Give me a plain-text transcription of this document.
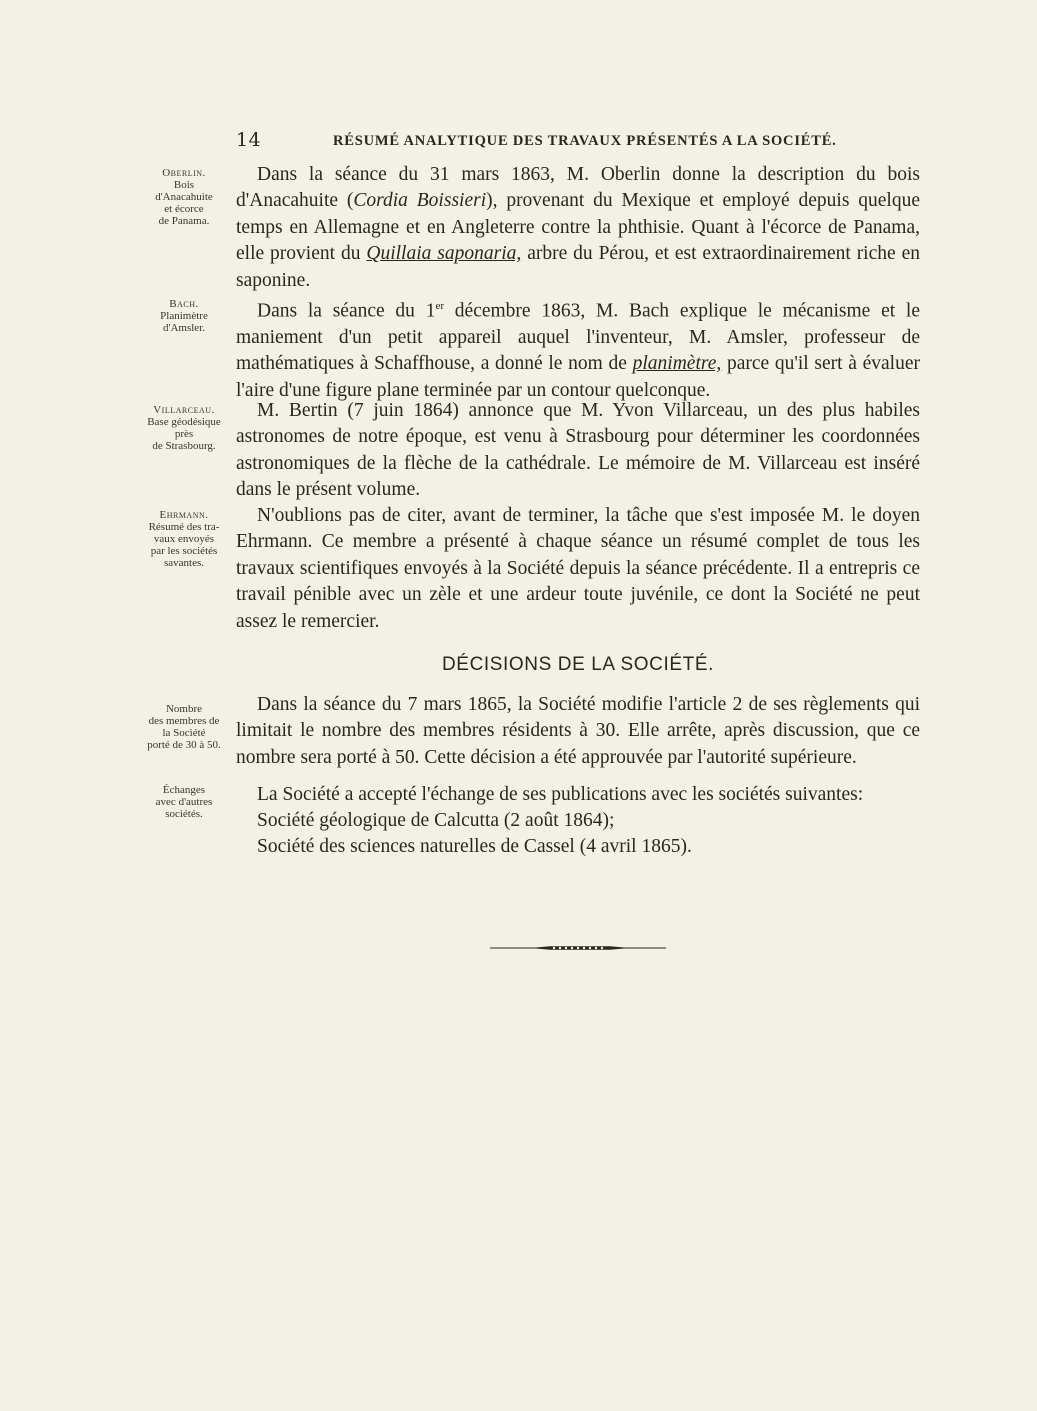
14	RÉSUMÉ ANALYTIQUE DES TRAVAUX PRÉSENTÉS A LA SOCIÉTÉ.
Oberlin.
Bois
d'Anacahuite
et écorce
de Panama.
Dans la séance du 31 mars 1863, M. Oberlin donne la description du bois d'Anacahuite (Cordia Boissieri), provenant du Mexique et employé depuis quelque temps en Allemagne et en Angleterre contre la phthisie. Quant à l'écorce de Panama, elle provient du Quillaia saponaria, arbre du Pérou, et est extraordinairement riche en saponine.
Bach.
Planimètre
d'Amsler.
Dans la séance du 1er décembre 1863, M. Bach explique le mécanisme et le maniement d'un petit appareil auquel l'inventeur, M. Amsler, professeur de mathématiques à Schaffhouse, a donné le nom de planimètre, parce qu'il sert à évaluer l'aire d'une figure plane terminée par un contour quelconque.
Villarceau.
Base géodésique
près
de Strasbourg.
M. Bertin (7 juin 1864) annonce que M. Yvon Villarceau, un des plus habiles astronomes de notre époque, est venu à Strasbourg pour déterminer les coordonnées astronomiques de la flèche de la cathédrale. Le mémoire de M. Villarceau est inséré dans le présent volume.
Ehrmann.
Résumé des tra-
vaux envoyés
par les sociétés
savantes.
N'oublions pas de citer, avant de terminer, la tâche que s'est imposée M. le doyen Ehrmann. Ce membre a présenté à chaque séance un résumé complet de tous les travaux scientifiques envoyés à la Société depuis la séance précédente. Il a entrepris ce travail pénible avec un zèle et une ardeur toute juvénile, ce dont la Société ne peut assez le remercier.
DÉCISIONS DE LA SOCIÉTÉ.
Nombre
des membres de
la Société
porté de 30 à 50.
Dans la séance du 7 mars 1865, la Société modifie l'article 2 de ses règlements qui limitait le nombre des membres résidents à 30. Elle arrête, après discussion, que ce nombre sera porté à 50. Cette décision a été approuvée par l'autorité supérieure.
Échanges
avec d'autres
sociétés.
La Société a accepté l'échange de ses publications avec les sociétés suivantes:
Société géologique de Calcutta (2 août 1864);
Société des sciences naturelles de Cassel (4 avril 1865).
